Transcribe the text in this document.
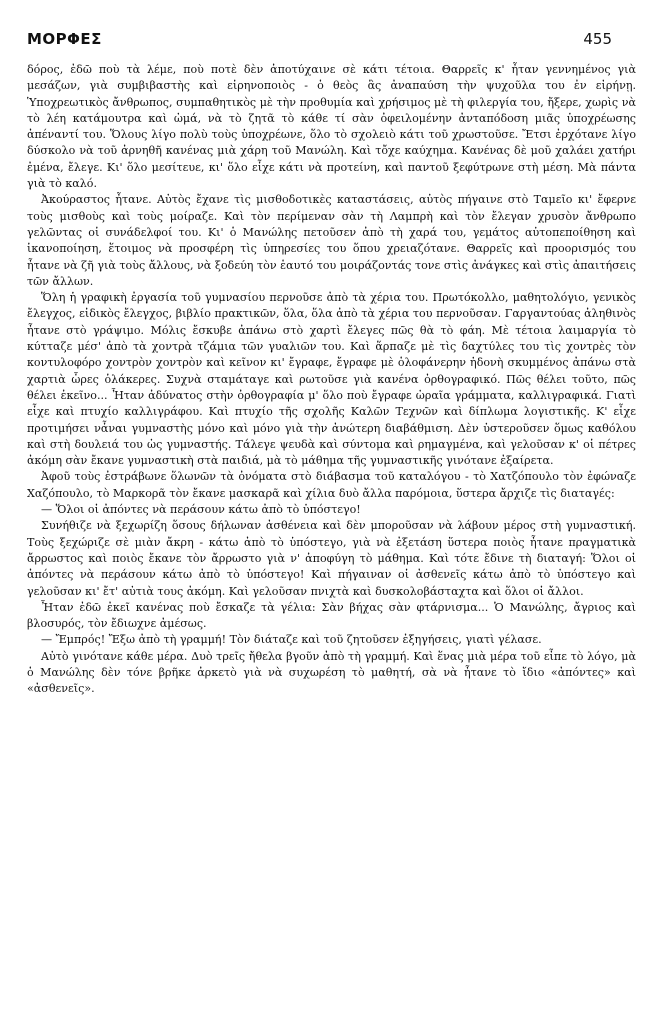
ΜΟΡΦΕΣ	455

δόρος, ἐδῶ ποὺ τὰ λέμε, ποὺ ποτὲ δὲν ἀποτύχαινε σὲ κάτι τέτοια. Θαρρεῖς κ' ἦταν γεννημένος γιὰ μεσάζων, γιὰ συμβιβαστὴς καὶ εἰρηνοποιὸς - ὁ θεὸς ἃς ἀναπαύση τὴν ψυχοῦλα του ἐν εἰρήνῃ. Ὑποχρεωτικὸς ἄνθρωπος, συμπαθητικὸς μὲ τὴν προθυμία καὶ χρήσιμος μὲ τὴ φιλεργία του, ἤξερε, χωρὶς νὰ τὸ λέη κατάμουτρα καὶ ὠμά, νὰ τὸ ζητᾶ τὸ κάθε τί σὰν ὀφειλομένην ἀνταπόδοση μιᾶς ὑποχρέωσης ἀπέναντί του. Ὅλους λίγο πολὺ τοὺς ὑποχρέωνε, ὅλο τὸ σχολειὸ κάτι τοῦ χρωστοῦσε. Ἔτσι ἐρχότανε λίγο δύσκολο νὰ τοῦ ἀρνηθῆ κανένας μιὰ χάρη τοῦ Μανώλη. Καὶ τὄχε καύχημα. Κανένας δὲ μοῦ χαλάει χατήρι ἐμένα, ἔλεγε. Κι' ὅλο μεσίτευε, κι' ὅλο εἶχε κάτι νὰ προτείνη, καὶ παντοῦ ξεφύτρωνε στὴ μέση. Μὰ πάντα γιὰ τὸ καλό.

Ἀκούραστος ἦτανε. Αὐτὸς ἔχανε τὶς μισθοδοτικὲς καταστάσεις, αὐτὸς πήγαινε στὸ Ταμεῖο κι' ἔφερνε τοὺς μισθοὺς καὶ τοὺς μοίραζε. Καὶ τὸν περίμεναν σὰν τὴ Λαμπρὴ καὶ τὸν ἔλεγαν χρυσὸν ἄνθρωπο γελῶντας οἱ συνάδελφοί του. Κι' ὁ Μανώλης πετοῦσεν ἀπὸ τὴ χαρά του, γεμάτος αὐτοπεποίθηση καὶ ἱκανοποίηση, ἕτοιμος νὰ προσφέρη τὶς ὑπηρεσίες του ὅπου χρειαζότανε. Θαρρεῖς καὶ προορισμός του ἦτανε νὰ ζῆ γιὰ τοὺς ἄλλους, νὰ ξοδεύη τὸν ἑαυτό του μοιράζοντάς τονε στὶς ἀνάγκες καὶ στὶς ἀπαιτήσεις τῶν ἄλλων.

Ὅλη ἡ γραφικὴ ἐργασία τοῦ γυμνασίου περνοῦσε ἀπὸ τὰ χέρια του. Πρωτόκολλο, μαθητολόγιο, γενικὸς ἔλεγχος, εἰδικὸς ἔλεγχος, βιβλίο πρακτικῶν, ὅλα, ὅλα ἀπὸ τὰ χέρια του περνοῦσαν. Γαργαντούας ἀληθινὸς ἦτανε στὸ γράψιμο. Μόλις ἔσκυβε ἀπάνω στὸ χαρτὶ ἔλεγες πῶς θὰ τὸ φάη. Μὲ τέτοια λαιμαργία τὸ κύτταζε μέσ' ἀπὸ τὰ χοντρὰ τζάμια τῶν γυαλιῶν του. Καὶ ἅρπαζε μὲ τὶς δαχτύλες του τὶς χοντρὲς τὸν κοντυλοφόρο χοντρὸν χοντρὸν καὶ κεῖνον κι' ἔγραφε, ἔγραφε μὲ ὁλοφάνερην ἡδονὴ σκυμμένος ἀπάνω στὰ χαρτιὰ ὧρες ὁλάκερες. Συχνὰ σταμάταγε καὶ ρωτοῦσε γιὰ κανένα ὀρθογραφικό. Πῶς θέλει τοῦτο, πῶς θέλει ἐκεῖνο... Ἦταν ἀδύνατος στὴν ὀρθογραφία μ' ὅλο ποὺ ἔγραφε ὡραῖα γράμματα, καλλιγραφικά. Γιατὶ εἶχε καὶ πτυχίο καλλιγράφου. Καὶ πτυχίο τῆς σχολῆς Καλῶν Τεχνῶν καὶ δίπλωμα λογιστικῆς. Κ' εἶχε προτιμήσει νἆναι γυμναστὴς μόνο καὶ μόνο γιὰ τὴν ἀνώτερη διαβάθμιση. Δὲν ὑστεροῦσεν ὅμως καθόλου καὶ στὴ δουλειά του ὡς γυμναστής. Τάλεγε ψευδὰ καὶ σύντομα καὶ ρημαγμένα, καὶ γελοῦσαν κ' οἱ πέτρες ἀκόμη σὰν ἔκανε γυμναστικὴ στὰ παιδιά, μὰ τὸ μάθημα τῆς γυμναστικῆς γινότανε ἐξαίρετα.

Ἀφοῦ τοὺς ἐστράβωνε ὅλωνῶν τὰ ὀνόματα στὸ διάβασμα τοῦ καταλόγου - τὸ Χατζόπουλο τὸν ἐφώναζε Χαζόπουλο, τὸ Μαρκορᾶ τὸν ἔκανε μασκαρᾶ καὶ χίλια δυὸ ἄλλα παρόμοια, ὕστερα ἄρχιζε τὶς διαταγές:

— Ὅλοι οἱ ἀπόντες νὰ περάσουν κάτω ἀπὸ τὸ ὑπόστεγο!

Συνήθιζε νὰ ξεχωρίζη ὅσους δήλωναν ἀσθένεια καὶ δὲν μποροῦσαν νὰ λάβουν μέρος στὴ γυμναστική. Τοὺς ξεχώριζε σὲ μιὰν ἄκρη - κάτω ἀπὸ τὸ ὑπόστεγο, γιὰ νὰ ἐξετάση ὕστερα ποιὸς ἦτανε πραγματικὰ ἄρρωστος καὶ ποιὸς ἔκανε τὸν ἄρρωστο γιὰ ν' ἀποφύγη τὸ μάθημα. Καὶ τότε ἔδινε τὴ διαταγή: Ὅλοι οἱ ἀπόντες νὰ περάσουν κάτω ἀπὸ τὸ ὑπόστεγο! Καὶ πήγαιναν οἱ ἀσθενεῖς κάτω ἀπὸ τὸ ὑπόστεγο καὶ γελοῦσαν κι' ἔτ' αὐτιὰ τους ἀκόμη. Καὶ γελοῦσαν πνιχτὰ καὶ δυσκολοβάσταχτα καὶ ὅλοι οἱ ἄλλοι.

Ἦταν ἐδῶ ἐκεῖ κανένας ποὺ ἔσκαζε τὰ γέλια: Σὰν βήχας σὰν φτάρνισμα... Ὁ Μανώλης, ἄγριος καὶ βλοσυρός, τὸν ἔδιωχνε ἀμέσως.

— Ἔμπρός! Ἔξω ἀπὸ τὴ γραμμή! Τὸν διάταζε καὶ τοῦ ζητοῦσεν ἐξηγήσεις, γιατὶ γέλασε.

Αὐτὸ γινότανε κάθε μέρα. Δυὸ τρεῖς ἤθελα βγοῦν ἀπὸ τὴ γραμμή. Καὶ ἕνας μιὰ μέρα τοῦ εἶπε τὸ λόγο, μὰ ὁ Μανώλης δὲν τόνε βρῆκε ἀρκετὸ γιὰ νὰ συχωρέση τὸ μαθητή, σὰ νὰ ἦτανε τὸ ἴδιο «ἀπόντες» καὶ «ἀσθενεῖς».
